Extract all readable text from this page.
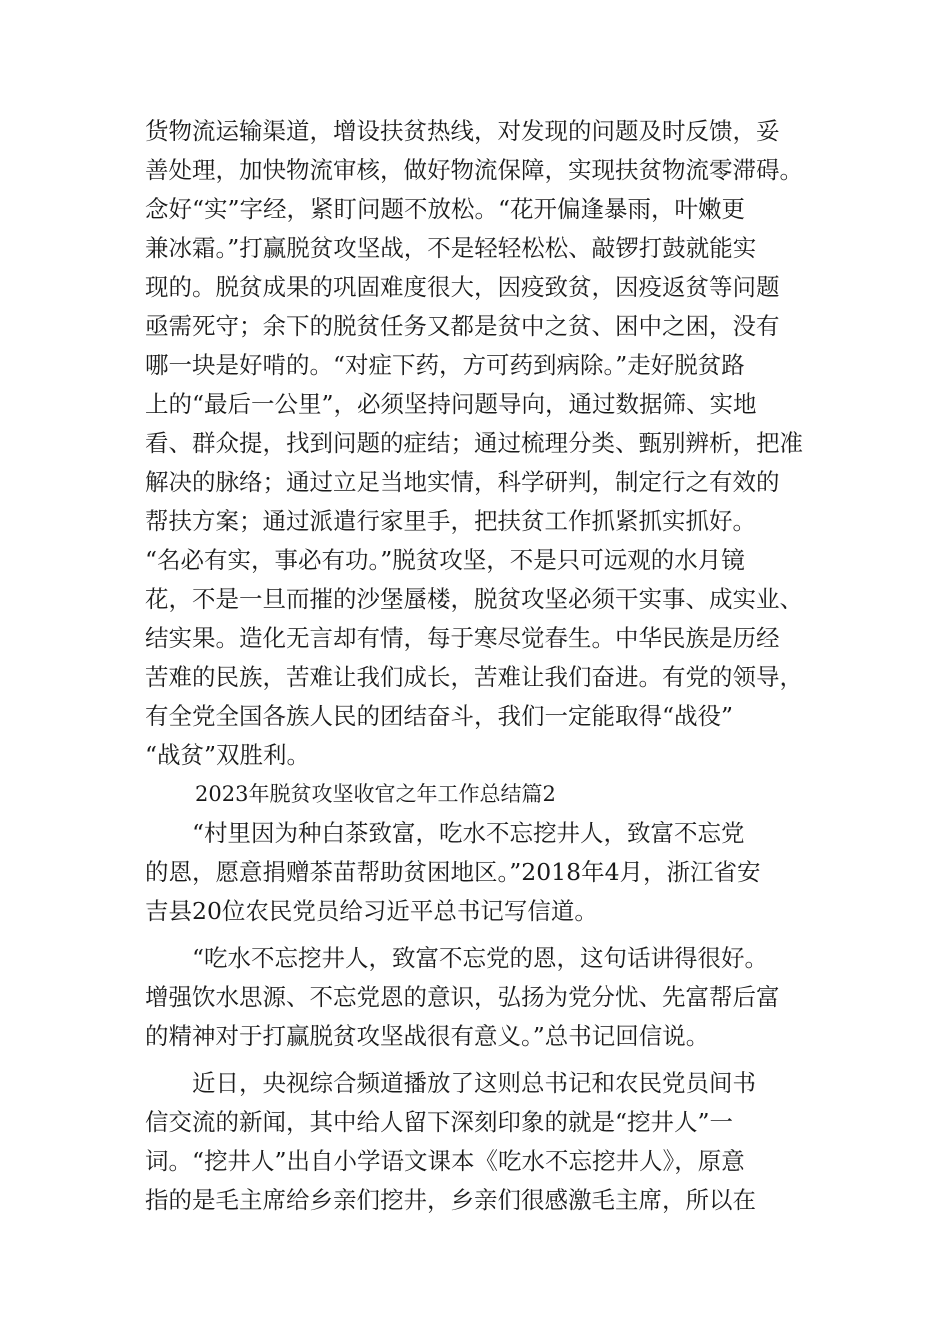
货物流运输渠道，增设扶贫热线，对发现的问题及时反馈，妥
善处理，加快物流审核，做好物流保障，实现扶贫物流零滞碍。
念好“实”字经，紧盯问题不放松。“花开偏逢暴雨，叶嫩更
兼冰霜。”打赢脱贫攻坚战，不是轻轻松松、敲锣打鼓就能实
现的。脱贫成果的巩固难度很大，因疫致贫，因疫返贫等问题
亟需死守；余下的脱贫任务又都是贫中之贫、困中之困，没有
哪一块是好啃的。“对症下药，方可药到病除。”走好脱贫路
上的“最后一公里”，必须坚持问题导向，通过数据筛、实地
看、群众提，找到问题的症结；通过梳理分类、甄别辨析，把准
解决的脉络；通过立足当地实情，科学研判，制定行之有效的
帮扶方案；通过派遣行家里手，把扶贫工作抓紧抓实抓好。
“名必有实，事必有功。”脱贫攻坚，不是只可远观的水月镜
花，不是一旦而摧的沙堡蜃楼，脱贫攻坚必须干实事、成实业、
结实果。造化无言却有情，每于寒尽觉春生。中华民族是历经
苦难的民族，苦难让我们成长，苦难让我们奋进。有党的领导，
有全党全国各族人民的团结奋斗，我们一定能取得“战役”
“战贫”双胜利。
2023年脱贫攻坚收官之年工作总结篇2
“村里因为种白茶致富，吃水不忘挖井人，致富不忘党
的恩，愿意捐赠茶苗帮助贫困地区。”2018年4月，浙江省安
吉县20位农民党员给习近平总书记写信道。
“吃水不忘挖井人，致富不忘党的恩，这句话讲得很好。
增强饮水思源、不忘党恩的意识，弘扬为党分忧、先富帮后富
的精神对于打赢脱贫攻坚战很有意义。”总书记回信说。
近日，央视综合频道播放了这则总书记和农民党员间书
信交流的新闻，其中给人留下深刻印象的就是“挖井人”一
词。“挖井人”出自小学语文课本《吃水不忘挖井人》，原意
指的是毛主席给乡亲们挖井，乡亲们很感激毛主席，所以在
